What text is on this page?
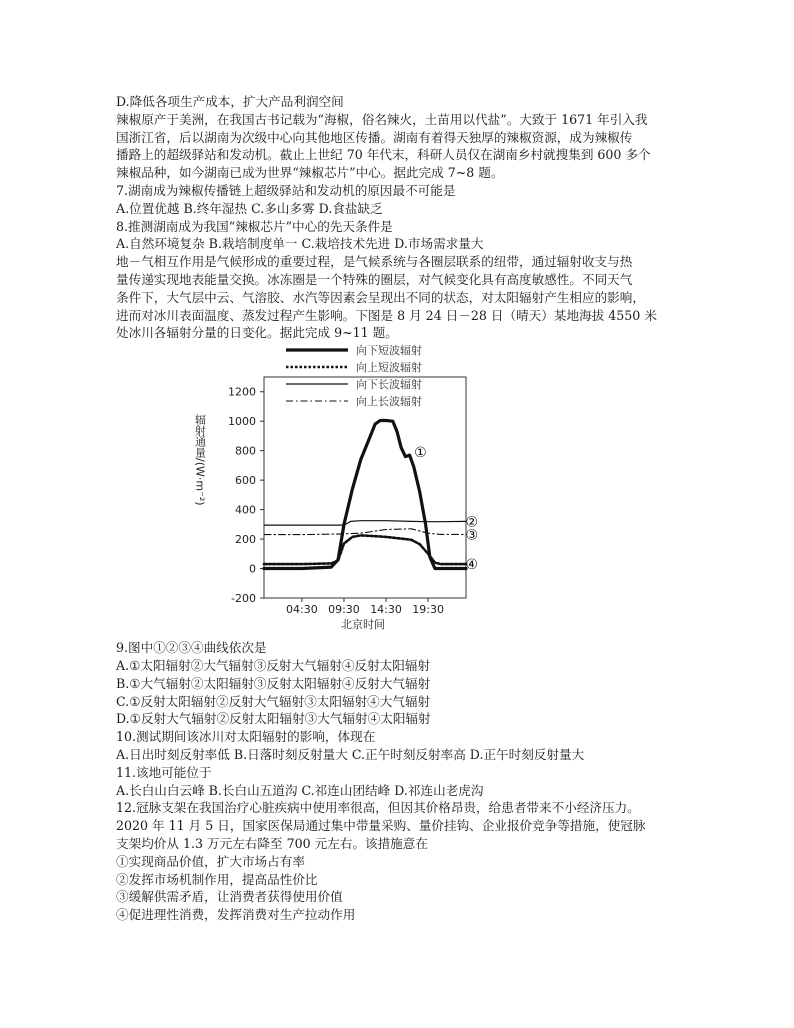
D.降低各项生产成本，扩大产品利润空间
辣椒原产于美洲，在我国古书记载为“海椒，俗名辣火，土苗用以代盐”。大致于 1671 年引入我
国浙江省，后以湖南为次级中心向其他地区传播。湖南有着得天独厚的辣椒资源，成为辣椒传
播路上的超级驿站和发动机。截止上世纪 70 年代末，科研人员仅在湖南乡村就搜集到 600 多个
辣椒品种，如今湖南已成为世界“辣椒芯片”中心。据此完成 7~8 题。
7.湖南成为辣椒传播链上超级驿站和发动机的原因最不可能是
A.位置优越 B.终年湿热 C.多山多雾 D.食盐缺乏
8.推测湖南成为我国“辣椒芯片”中心的先天条件是
A.自然环境复杂 B.栽培制度单一 C.栽培技术先进 D.市场需求量大
地－气相互作用是气候形成的重要过程，是气候系统与各圈层联系的纽带，通过辐射收支与热
量传递实现地表能量交换。冰冻圈是一个特殊的圈层，对气候变化具有高度敏感性。不同天气
条件下，大气层中云、气溶胶、水汽等因素会呈现出不同的状态，对太阳辐射产生相应的影响，
进而对冰川表面温度、蒸发过程产生影响。下图是 8 月 24 日－28 日（晴天）某地海拔 4550 米
处冰川各辐射分量的日变化。据此完成 9~11 题。
向下短波辐射
向上短波辐射
向下长波辐射
向上长波辐射
-200
0
200
400
600
800
1000
1200
04:30 09:30 14:30 19:30
北京时间
辐射通量/(W·m⁻²)	①
④
②
③
9.图中①②③④曲线依次是
A.①太阳辐射②大气辐射③反射大气辐射④反射太阳辐射
B.①大气辐射②太阳辐射③反射太阳辐射④反射大气辐射
C.①反射太阳辐射②反射大气辐射③太阳辐射④大气辐射
D.①反射大气辐射②反射太阳辐射③大气辐射④太阳辐射
10.测试期间该冰川对太阳辐射的影响，体现在
A.日出时刻反射率低 B.日落时刻反射量大 C.正午时刻反射率高 D.正午时刻反射量大
11.该地可能位于
A.长白山白云峰 B.长白山五道沟 C.祁连山团结峰 D.祁连山老虎沟
12.冠脉支架在我国治疗心脏疾病中使用率很高，但因其价格昂贵，给患者带来不小经济压力。
2020 年 11 月 5 日，国家医保局通过集中带量采购、量价挂钩、企业报价竞争等措施，使冠脉
支架均价从 1.3 万元左右降至 700 元左右。该措施意在
①实现商品价值，扩大市场占有率
②发挥市场机制作用，提高品性价比
③缓解供需矛盾，让消费者获得使用价值
④促进理性消费，发挥消费对生产拉动作用
